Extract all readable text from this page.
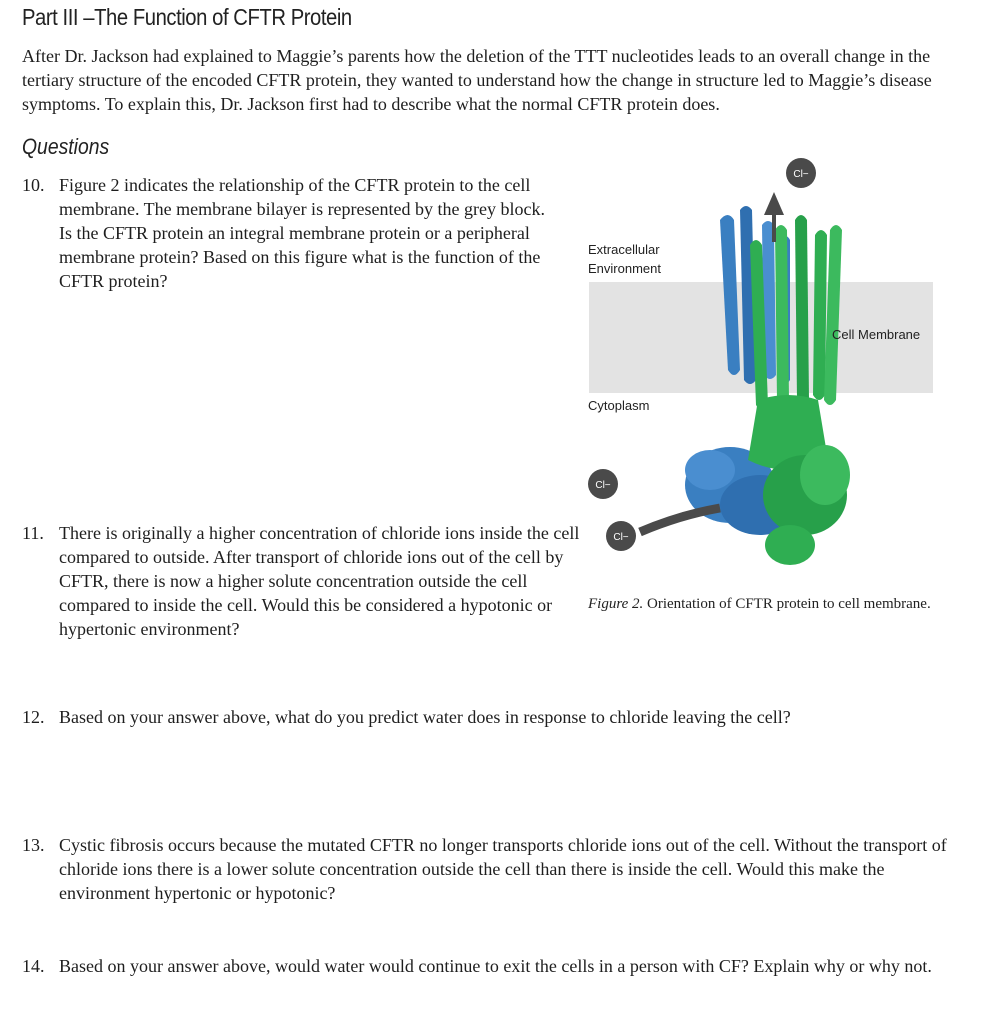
Part III –The Function of CFTR Protein
After Dr. Jackson had explained to Maggie’s parents how the deletion of the TTT nucleotides leads to an overall change in the tertiary structure of the encoded CFTR protein, they wanted to understand how the change in structure led to Maggie’s disease symptoms. To explain this, Dr. Jackson first had to describe what the normal CFTR protein does.
Questions
10. Figure 2 indicates the relationship of the CFTR protein to the cell membrane. The membrane bilayer is represented by the grey block. Is the CFTR protein an integral membrane protein or a peripheral membrane protein? Based on this figure what is the function of the CFTR protein?
11. There is originally a higher concentration of chloride ions inside the cell compared to outside. After transport of chloride ions out of the cell by CFTR, there is now a higher solute concentration outside the cell compared to inside the cell. Would this be considered a hypotonic or hypertonic environment?
12. Based on your answer above, what do you predict water does in response to chloride leaving the cell?
13. Cystic fibrosis occurs because the mutated CFTR no longer transports chloride ions out of the cell. Without the transport of chloride ions there is a lower solute concentration outside the cell than there is inside the cell. Would this make the environment hypertonic or hypotonic?
14. Based on your answer above, would water would continue to exit the cells in a person with CF? Explain why or why not.
Cl−
Cl−
Cl−
Extracellular
Environment
Cell Membrane
Cytoplasm
Figure 2. Orientation of CFTR protein to cell membrane.
